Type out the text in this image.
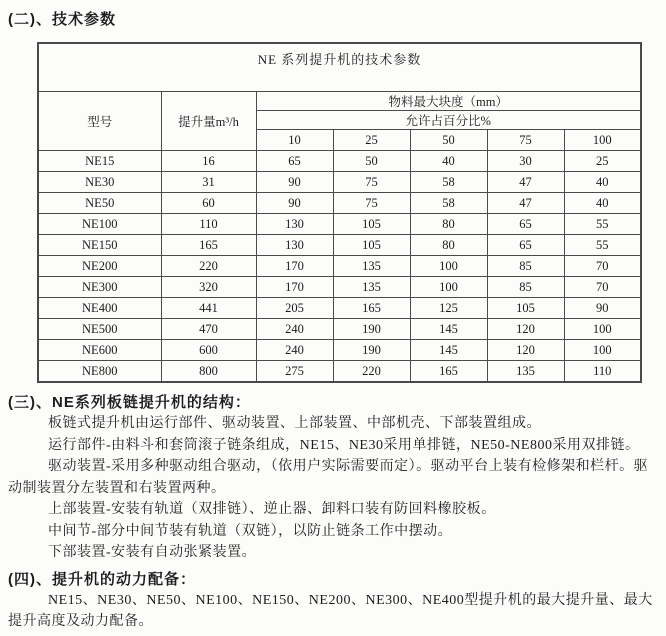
(二)、技术参数
NE 系列提升机的技术参数						
型号	提升量m³/h	物料最大块度（mm）				
		允许占百分比%				
		10	25	50	75	100
NE15	16	65	50	40	30	25
NE30	31	90	75	58	47	40
NE50	60	90	75	58	47	40
NE100	110	130	105	80	65	55
NE150	165	130	105	80	65	55
NE200	220	170	135	100	85	70
NE300	320	170	135	100	85	70
NE400	441	205	165	125	105	90
NE500	470	240	190	145	120	100
NE600	600	240	190	145	120	100
NE800	800	275	220	165	135	110
(三)、NE系列板链提升机的结构：
板链式提升机由运行部件、驱动装置、上部装置、中部机壳、下部装置组成。
运行部件-由料斗和套筒滚子链条组成，NE15、NE30采用单排链，NE50-NE800采用双排链。
驱动装置-采用多种驱动组合驱动，（依用户实际需要而定）。驱动平台上装有检修架和栏杆。驱
动制装置分左装置和右装置两种。
上部装置-安装有轨道（双排链）、逆止器、卸料口装有防回料橡胶板。
中间节-部分中间节装有轨道（双链），以防止链条工作中摆动。
下部装置-安装有自动张紧装置。
(四)、提升机的动力配备：
NE15、NE30、NE50、NE100、NE150、NE200、NE300、NE400型提升机的最大提升量、最大
提升高度及动力配备。
